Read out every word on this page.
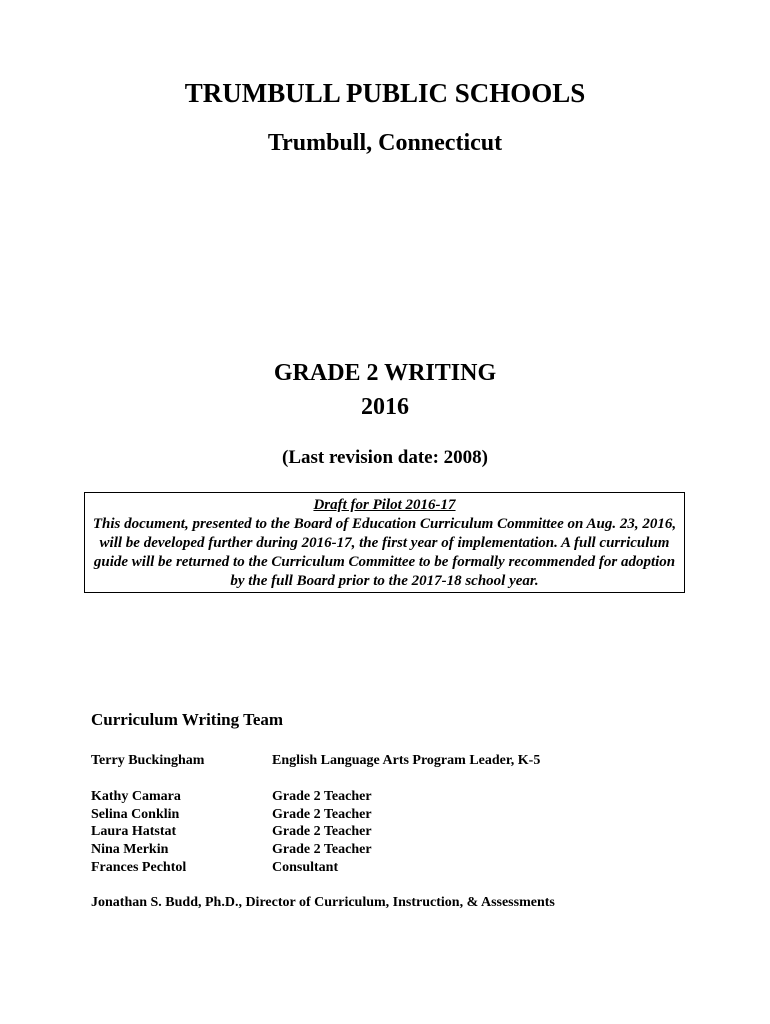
TRUMBULL PUBLIC SCHOOLS
Trumbull, Connecticut
GRADE 2 WRITING
2016
(Last revision date: 2008)
Draft for Pilot 2016-17
This document, presented to the Board of Education Curriculum Committee on Aug. 23, 2016, will be developed further during 2016-17, the first year of implementation. A full curriculum guide will be returned to the Curriculum Committee to be formally recommended for adoption by the full Board prior to the 2017-18 school year.
Curriculum Writing Team
Terry Buckingham	English Language Arts Program Leader, K-5
Kathy Camara	Grade 2 Teacher
Selina Conklin	Grade 2 Teacher
Laura Hatstat	Grade 2 Teacher
Nina Merkin	Grade 2 Teacher
Frances Pechtol	Consultant
Jonathan S. Budd, Ph.D., Director of Curriculum, Instruction, & Assessments
